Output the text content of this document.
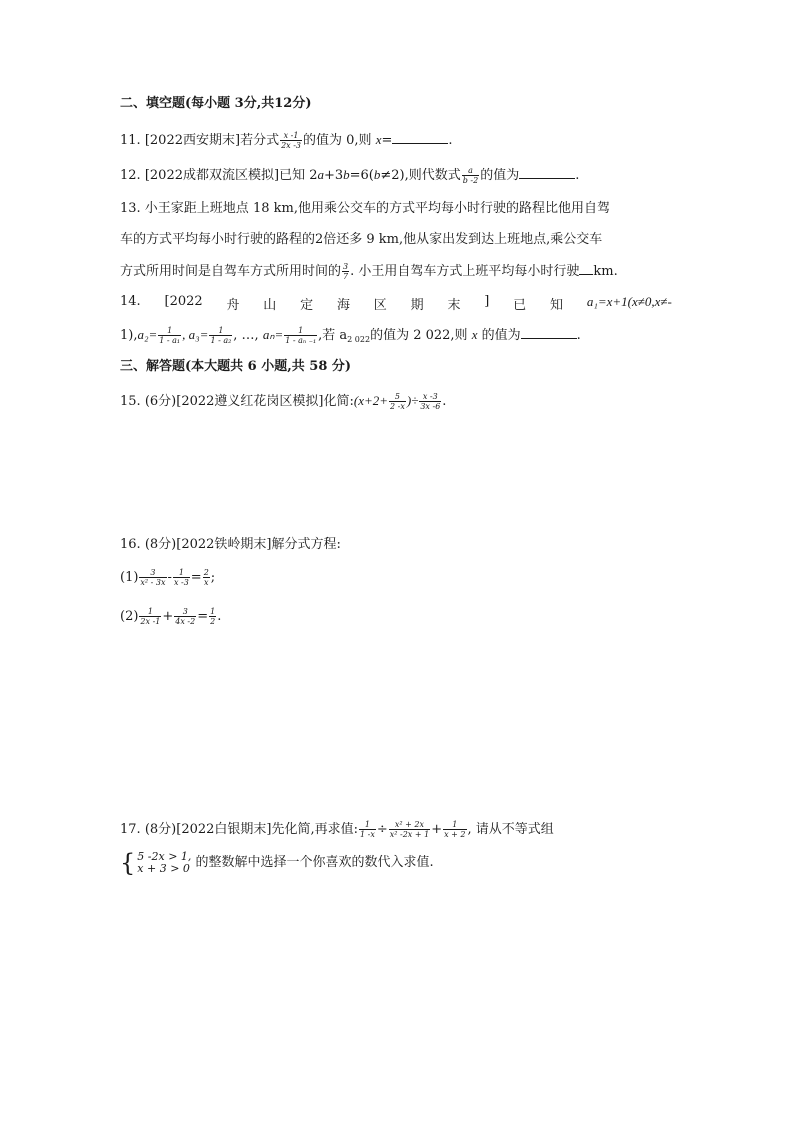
二、填空题(每小题 3分,共12分)
11. [2022西安期末]若分式 $\frac{x -1}{2x -3}$ 的值为 0,则 x=	.
12. [2022成都双流区模拟]已知 2a+3b=6(b≠2),则代数式 $\frac{a}{b -2}$ 的值为	.
13. 小王家距上班地点 18 km,他用乘公交车的方式平均每小时行驶的路程比他用自驾
车的方式平均每小时行驶的路程的2倍还多 9 km,他从家出发到达上班地点,乘公交车
方式所用时间是自驾车方式所用时间的 $\frac{3}{7}$ . 小王用自驾车方式上班平均每小时行驶 km.
14. [2022 舟 山 定 海 区 期 末 ] 已 知 a₁=x+1(x≠0,x≠-
$1),a_2= \frac{1}{\text{1 - a₁}}$ , $a_3= \frac{1}{\text{1 - a₂}}$ , …, $a_n= \frac{1}{\text{1 - aₙ ₋₁}}$ ,若 $a_{2 022}$的值为 2 022,则 x 的值为	.
三、解答题(本大题共 6 小题,共 58 分)
15. (6分)[2022遵义红花岗区模拟]化简:(x+2+ $\frac{5}{2 -x}$ )÷ $\frac{x -3}{3x -6}$ .
16. (8分)[2022铁岭期末]解分式方程:
$(1) \frac{3}{\text{x² - 3x}} - \frac{1}{x -3} = \frac{2}{x}$ ;
$(2) \frac{1}{2x -1} + \frac{3}{4x -2} = \frac{1}{2}$ .
17. (8分)[2022白银期末]先化简,再求值: $\frac{1}{1 -x} \div \frac{\text{x² + 2x}}{\text{x² -2x + 1}} + \frac{1}{x + 2}$ , 请从不等式组
{ 5 -2x > 1,
x + 3 > 0 的整数解中选择一个你喜欢的数代入求值.
